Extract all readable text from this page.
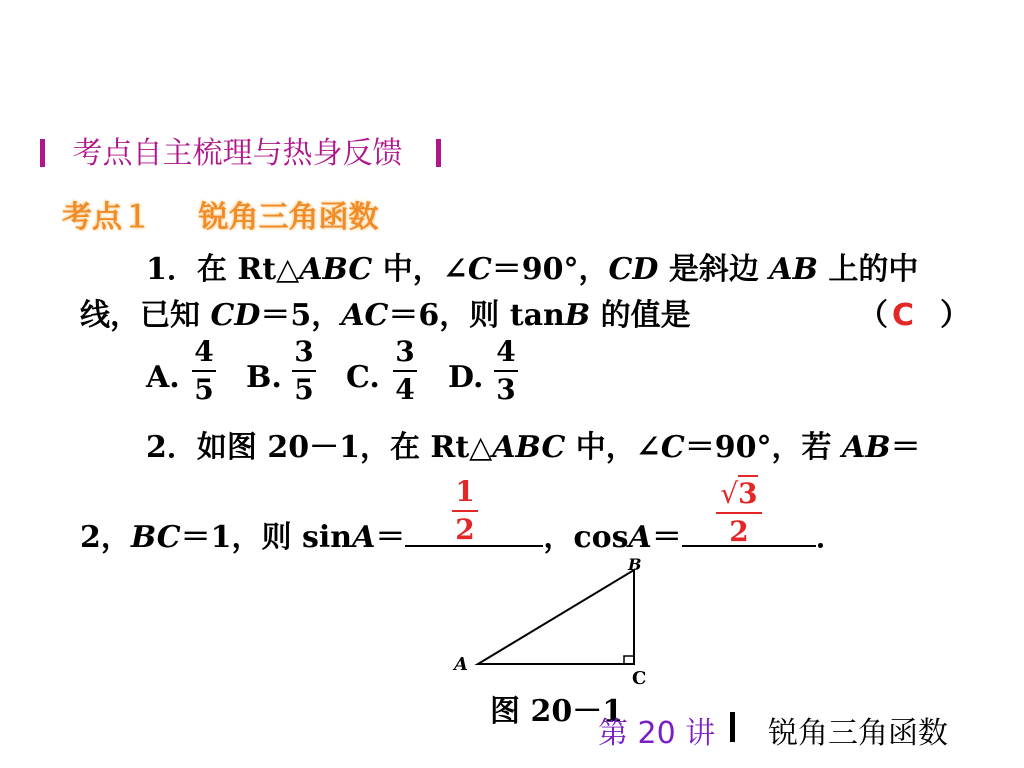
考点自主梳理与热身反馈
考点１ 锐角三角函数
1．在 Rt△ABC 中，∠C＝90°，CD 是斜边 AB 上的中
线，已知 CD＝5，AC＝6，则 tanB 的值是	（ C ）
A.
4
5 B.
3
5 C.
3
4 D.
4
3
2．如图 20－1，在 Rt△ABC 中，∠C＝90°，若 AB＝
1
2
√3
2
2，BC＝1，则 sinA＝	，cosA＝	．
A
B
C
图 20－1
第 20 讲 锐角三角函数
